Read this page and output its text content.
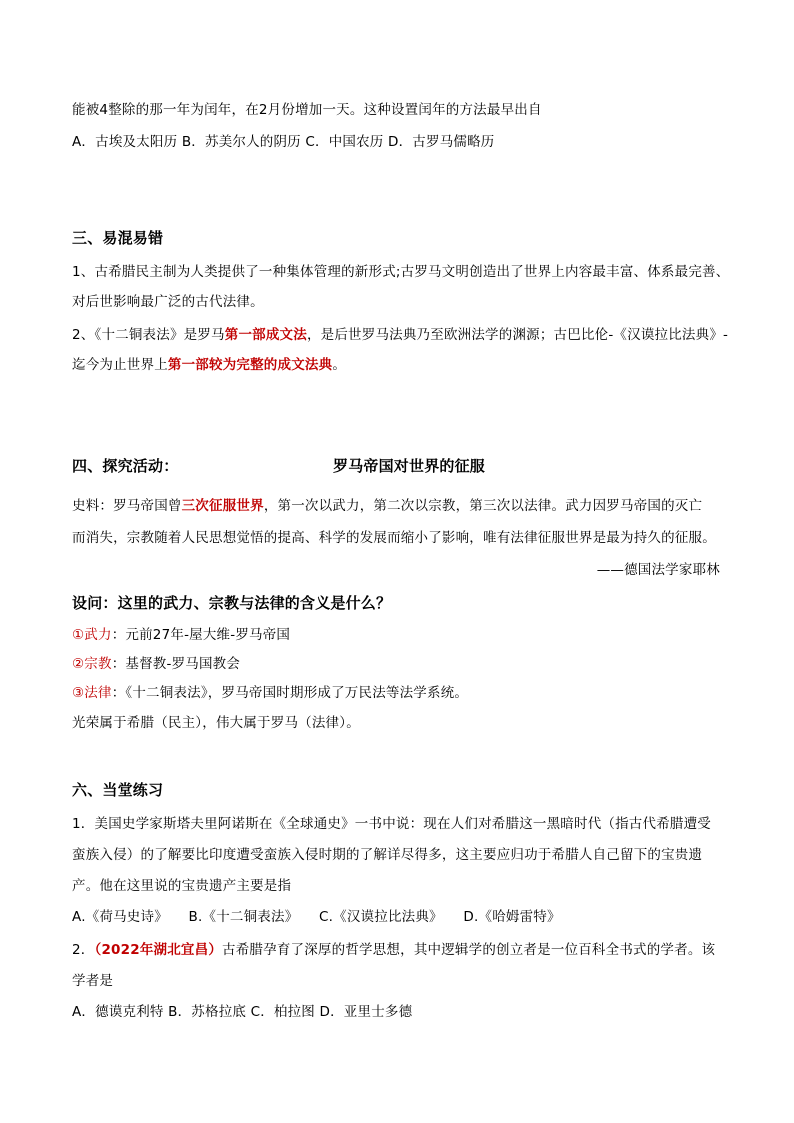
能被4整除的那一年为闰年，在2月份增加一天。这种设置闰年的方法最早出自
A．古埃及太阳历 B．苏美尔人的阴历 C．中国农历 D．古罗马儒略历
三、易混易错
1、古希腊民主制为人类提供了一种集体管理的新形式;古罗马文明创造出了世界上内容最丰富、体系最完善、
对后世影响最广泛的古代法律。
2、《十二铜表法》是罗马第一部成文法，是后世罗马法典乃至欧洲法学的渊源；古巴比伦-《汉谟拉比法典》-
迄今为止世界上第一部较为完整的成文法典。
四、探究活动：	罗马帝国对世界的征服
史料：罗马帝国曾三次征服世界，第一次以武力，第二次以宗教，第三次以法律。武力因罗马帝国的灭亡
而消失，宗教随着人民思想觉悟的提高、科学的发展而缩小了影响，唯有法律征服世界是最为持久的征服。
——德国法学家耶林
设问：这里的武力、宗教与法律的含义是什么？
①武力：元前27年-屋大维-罗马帝国
②宗教：基督教-罗马国教会
③法律：《十二铜表法》，罗马帝国时期形成了万民法等法学系统。
光荣属于希腊（民主），伟大属于罗马（法律）。
六、当堂练习
1．美国史学家斯塔夫里阿诺斯在《全球通史》一书中说：现在人们对希腊这一黑暗时代（指古代希腊遭受
蛮族入侵）的了解要比印度遭受蛮族入侵时期的了解详尽得多，这主要应归功于希腊人自己留下的宝贵遗
产。他在这里说的宝贵遗产主要是指
A.《荷马史诗》　　B.《十二铜表法》　　C.《汉谟拉比法典》　　D.《哈姆雷特》
2．（2022年湖北宜昌）古希腊孕育了深厚的哲学思想，其中逻辑学的创立者是一位百科全书式的学者。该
学者是
A．德谟克利特 B．苏格拉底 C．柏拉图 D．亚里士多德
